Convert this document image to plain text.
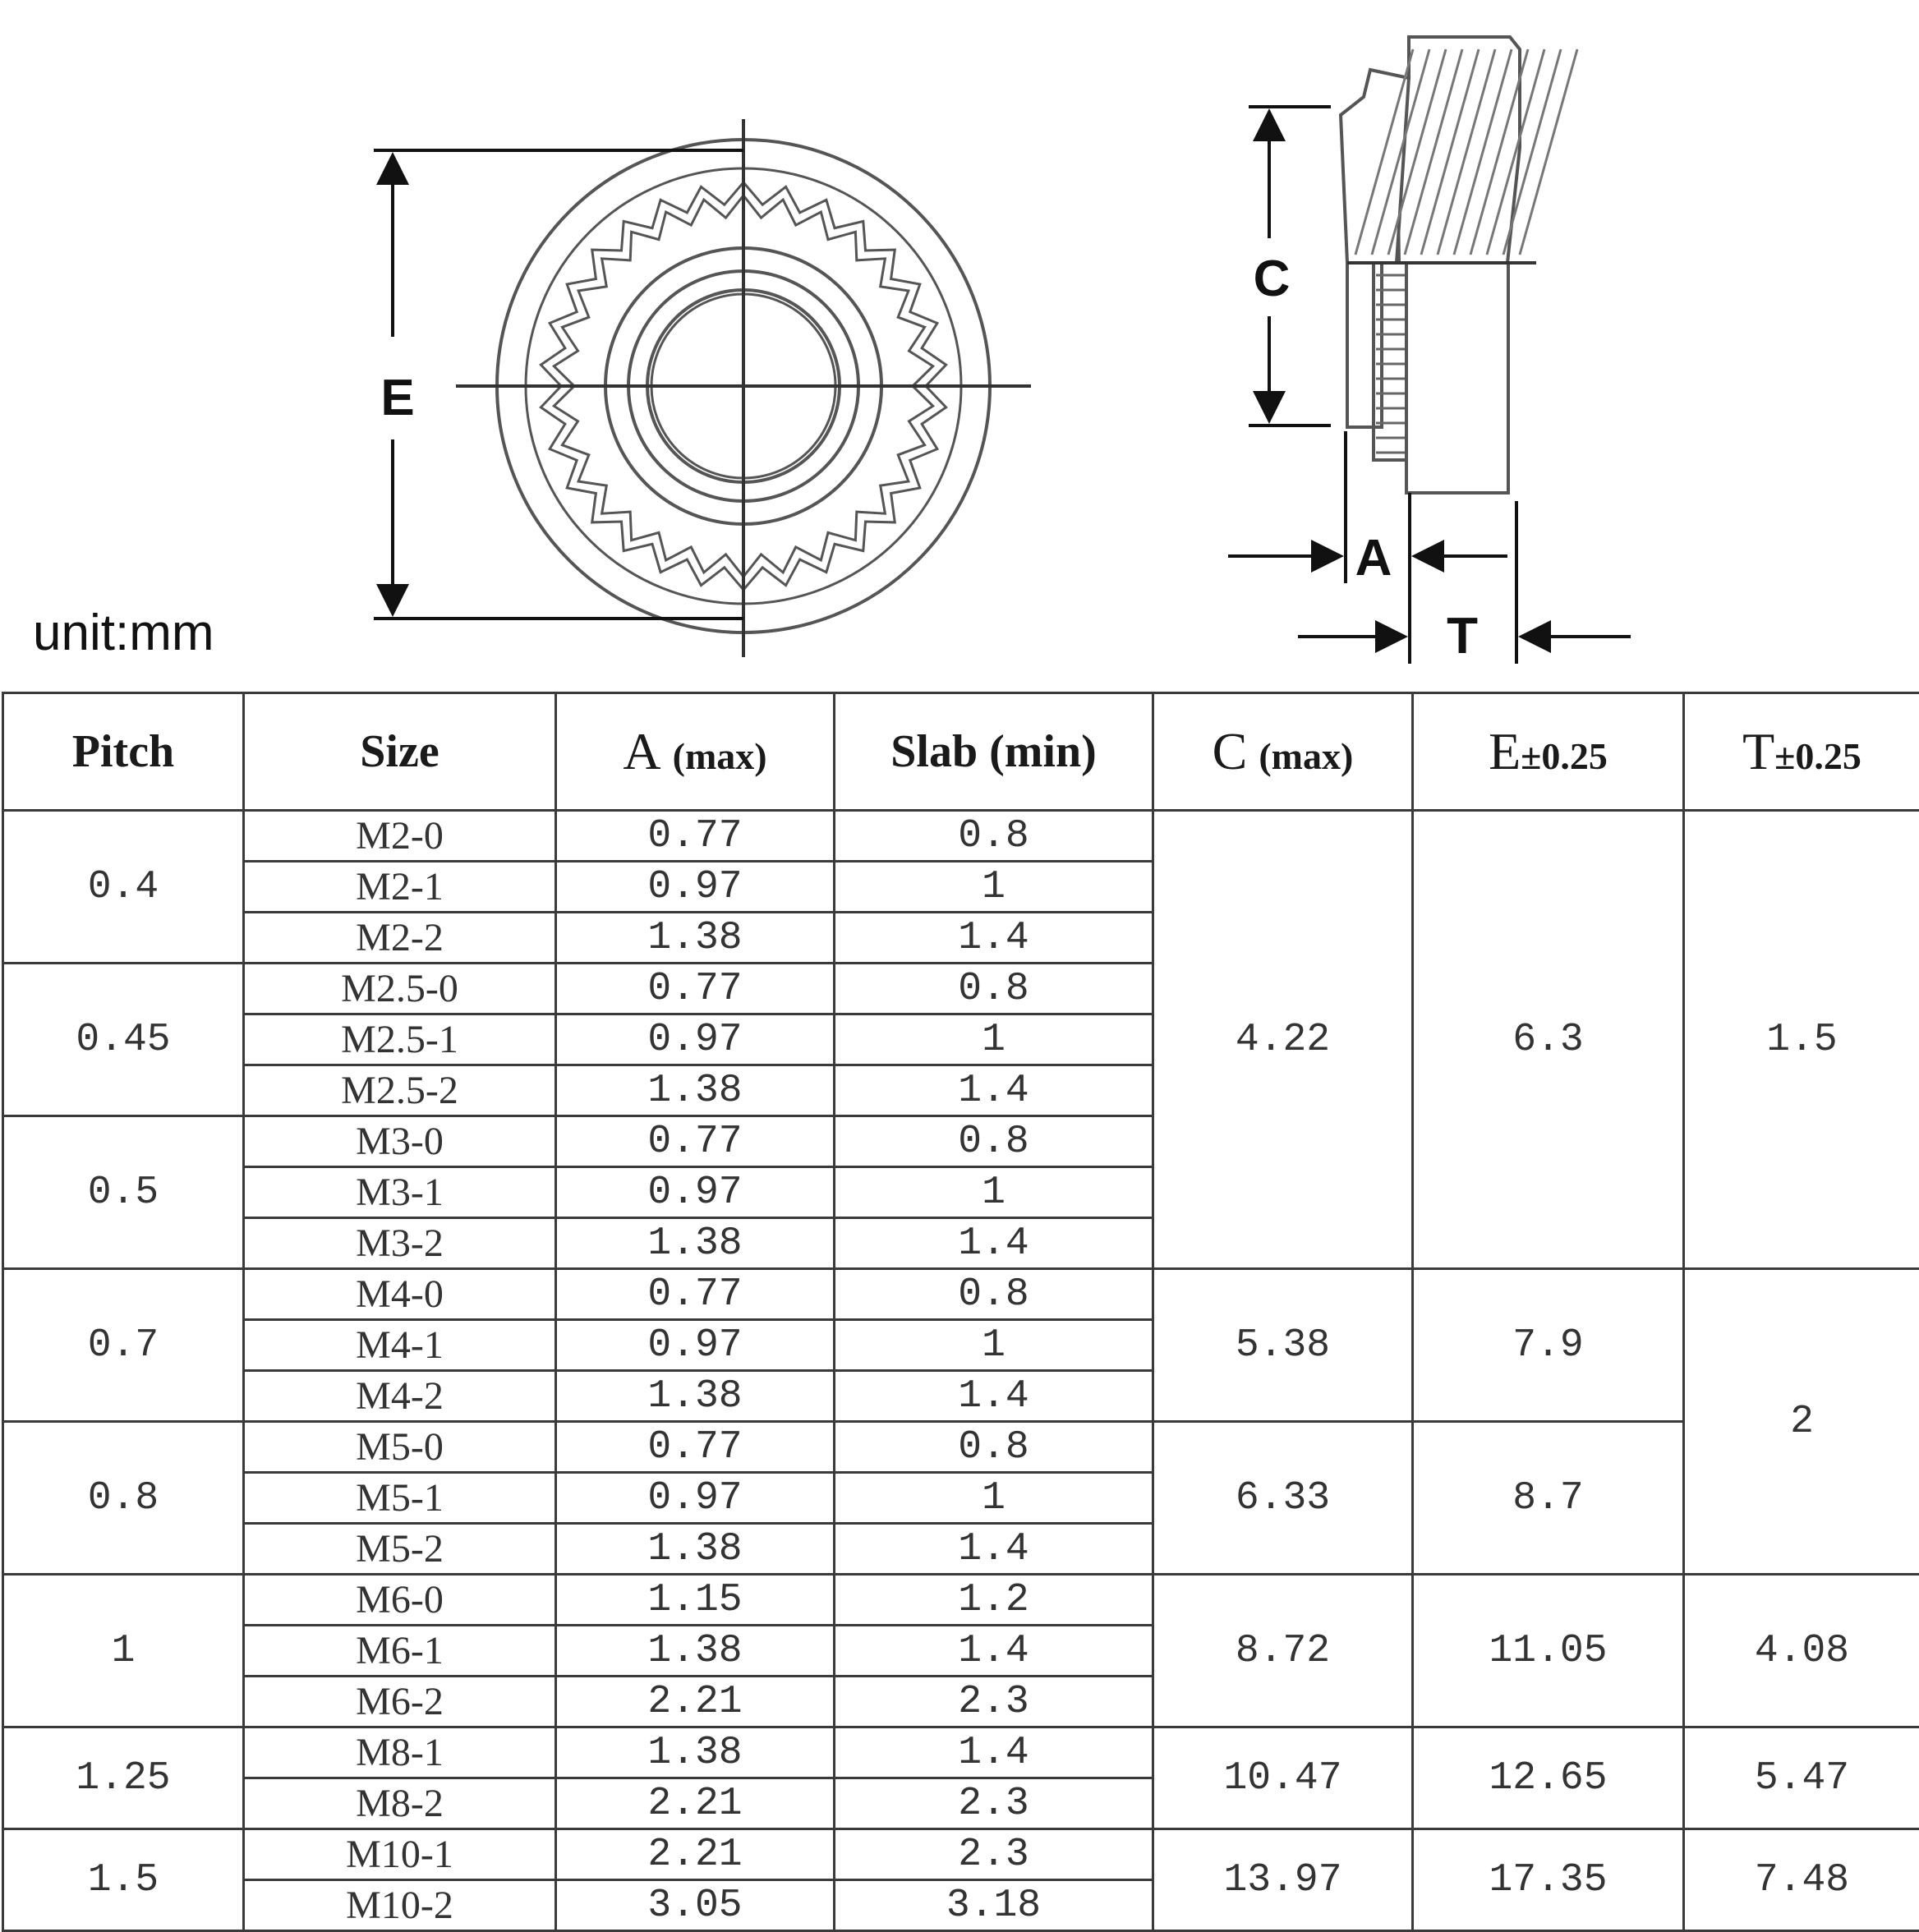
E
C
A
T
unit:mm
Pitch	Size	A (max)	Slab (min)	C (max)	E±0.25	T±0.25
0.4	M2-0	0.77	0.8	4.22	6.3	1.5
	M2-1	0.97	1			
	M2-2	1.38	1.4			
0.45	M2.5-0	0.77	0.8			
	M2.5-1	0.97	1			
	M2.5-2	1.38	1.4			
0.5	M3-0	0.77	0.8			
	M3-1	0.97	1			
	M3-2	1.38	1.4			
0.7	M4-0	0.77	0.8	5.38	7.9	2
	M4-1	0.97	1			
	M4-2	1.38	1.4			
0.8	M5-0	0.77	0.8	6.33	8.7	
	M5-1	0.97	1			
	M5-2	1.38	1.4			
1	M6-0	1.15	1.2	8.72	11.05	4.08
	M6-1	1.38	1.4			
	M6-2	2.21	2.3			
1.25	M8-1	1.38	1.4	10.47	12.65	5.47
	M8-2	2.21	2.3			
1.5	M10-1	2.21	2.3	13.97	17.35	7.48
	M10-2	3.05	3.18			
